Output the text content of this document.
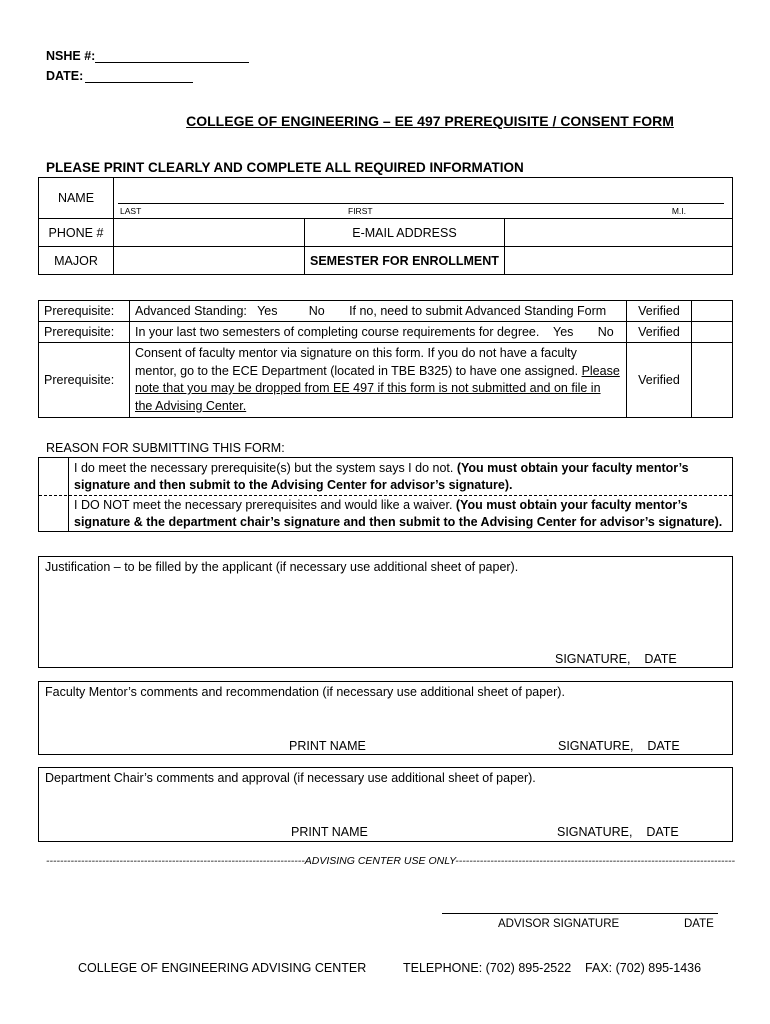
NSHE #:
DATE:
COLLEGE OF ENGINEERING – EE 497 PREREQUISITE / CONSENT FORM
PLEASE PRINT CLEARLY AND COMPLETE ALL REQUIRED INFORMATION
NAME	LAST FIRST M.I.		

PHONE #		E-MAIL ADDRESS	
MAJOR		SEMESTER FOR ENROLLMENT	
Prerequisite:	Advanced Standing: Yes No If no, need to submit Advanced Standing Form	Verified	
Prerequisite:	In your last two semesters of completing course requirements for degree. Yes No	Verified	
Prerequisite:	Consent of faculty mentor via signature on this form. If you do not have a faculty mentor, go to the ECE Department (located in TBE B325) to have one assigned. Please note that you may be dropped from EE 497 if this form is not submitted and on file in the Advising Center.	Verified	
REASON FOR SUBMITTING THIS FORM:
I do meet the necessary prerequisite(s) but the system says I do not. (You must obtain your faculty mentor’s signature and then submit to the Advising Center for advisor’s signature).
I DO NOT meet the necessary prerequisites and would like a waiver. (You must obtain your faculty mentor’s signature & the department chair’s signature and then submit to the Advising Center for advisor’s signature).
Justification – to be filled by the applicant (if necessary use additional sheet of paper).
SIGNATURE,    DATE
Faculty Mentor’s comments and recommendation (if necessary use additional sheet of paper).
PRINT NAME	SIGNATURE,    DATE
Department Chair’s comments and approval (if necessary use additional sheet of paper).
PRINT NAME	SIGNATURE,    DATE
--------------------------------------------------------------------------ADVISING CENTER USE ONLY--------------------------------------------------------------------------------
ADVISOR SIGNATURE	DATE
COLLEGE OF ENGINEERING ADVISING CENTER	TELEPHONE: (702) 895-2522    FAX: (702) 895-1436
